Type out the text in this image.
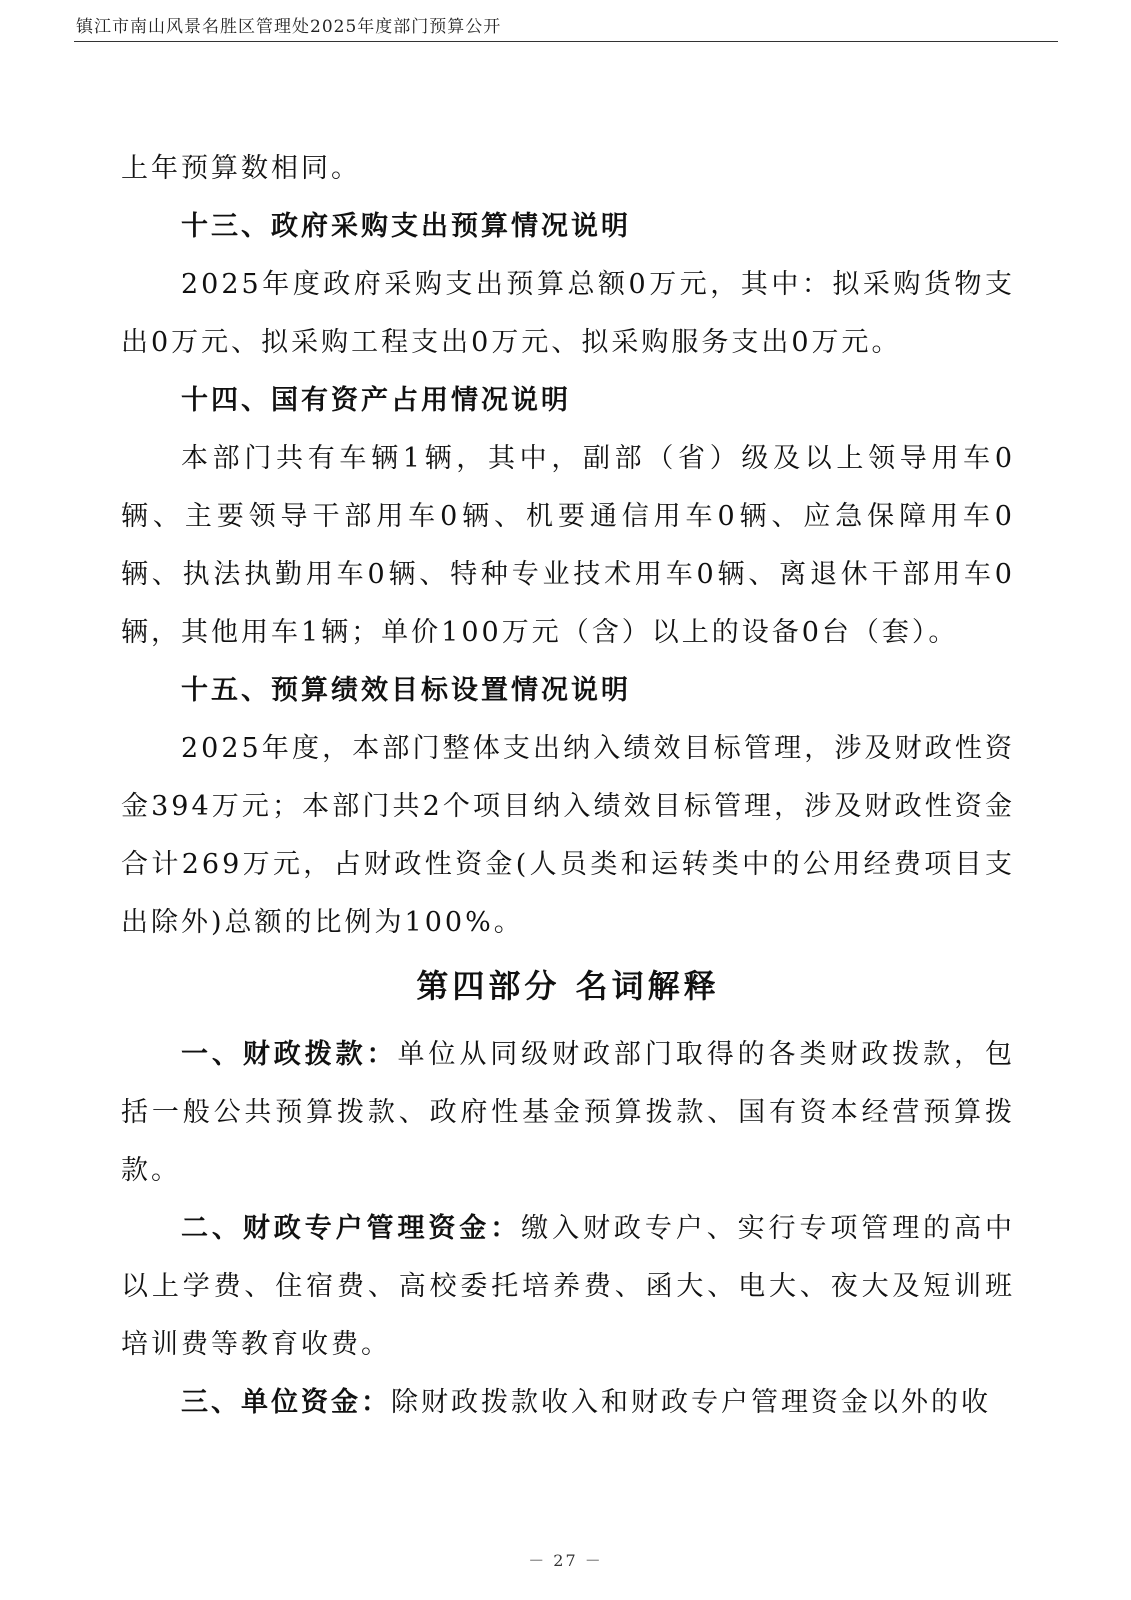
镇江市南山风景名胜区管理处2025年度部门预算公开

上年预算数相同。

十三、政府采购支出预算情况说明

2025年度政府采购支出预算总额0万元，其中：拟采购货物支出0万元、拟采购工程支出0万元、拟采购服务支出0万元。

十四、国有资产占用情况说明

本部门共有车辆1辆，其中，副部（省）级及以上领导用车0辆、主要领导干部用车0辆、机要通信用车0辆、应急保障用车0辆、执法执勤用车0辆、特种专业技术用车0辆、离退休干部用车0辆，其他用车1辆；单价100万元（含）以上的设备0台（套）。

十五、预算绩效目标设置情况说明

2025年度，本部门整体支出纳入绩效目标管理，涉及财政性资金394万元；本部门共2个项目纳入绩效目标管理，涉及财政性资金合计269万元，占财政性资金(人员类和运转类中的公用经费项目支出除外)总额的比例为100%。

第四部分 名词解释

一、财政拨款：单位从同级财政部门取得的各类财政拨款，包括一般公共预算拨款、政府性基金预算拨款、国有资本经营预算拨款。

二、财政专户管理资金：缴入财政专户、实行专项管理的高中以上学费、住宿费、高校委托培养费、函大、电大、夜大及短训班培训费等教育收费。

三、单位资金：除财政拨款收入和财政专户管理资金以外的收

－ 27 －
